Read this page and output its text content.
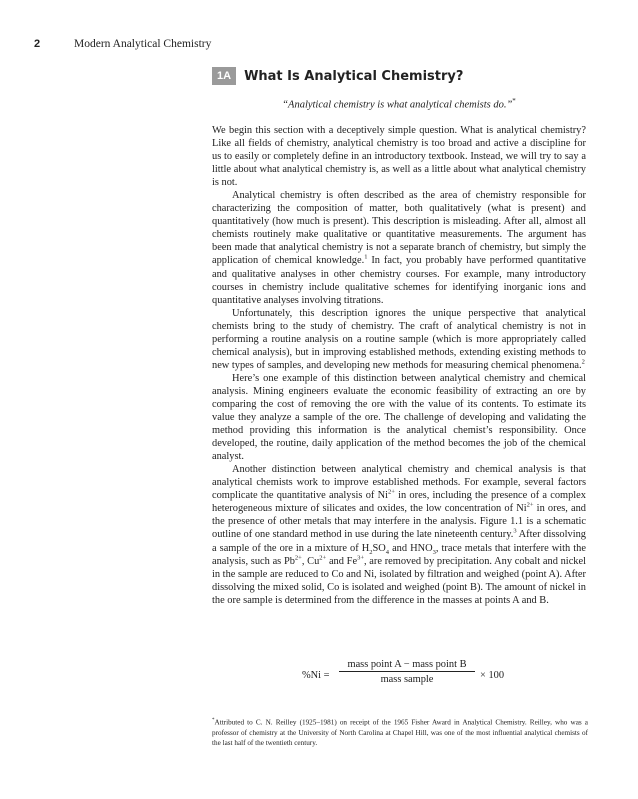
2	Modern Analytical Chemistry
1A	What Is Analytical Chemistry?
“Analytical chemistry is what analytical chemists do.”*

We begin this section with a deceptively simple question. What is analytical chemistry? Like all fields of chemistry, analytical chemistry is too broad and active a discipline for us to easily or completely define in an introductory textbook. Instead, we will try to say a little about what analytical chemistry is, as well as a little about what analytical chemistry is not.

Analytical chemistry is often described as the area of chemistry responsible for characterizing the composition of matter, both qualitatively (what is present) and quantitatively (how much is present). This description is misleading. After all, almost all chemists routinely make qualitative or quantitative measurements. The argument has been made that analytical chemistry is not a separate branch of chemistry, but simply the application of chemical knowledge.$^1$ In fact, you probably have performed quantitative and qualitative analyses in other chemistry courses. For example, many introductory courses in chemistry include qualitative schemes for identifying inorganic ions and quantitative analyses involving titrations.

Unfortunately, this description ignores the unique perspective that analytical chemists bring to the study of chemistry. The craft of analytical chemistry is not in performing a routine analysis on a routine sample (which is more appropriately called chemical analysis), but in improving established methods, extending existing methods to new types of samples, and developing new methods for measuring chemical phenomena.$^2$

Here’s one example of this distinction between analytical chemistry and chemical analysis. Mining engineers evaluate the economic feasibility of extracting an ore by comparing the cost of removing the ore with the value of its contents. To estimate its value they analyze a sample of the ore. The challenge of developing and validating the method providing this information is the analytical chemist’s responsibility. Once developed, the routine, daily application of the method becomes the job of the chemical analyst.

Another distinction between analytical chemistry and chemical analysis is that analytical chemists work to improve established methods. For example, several factors complicate the quantitative analysis of $Ni^{2+}$ in ores, including the presence of a complex heterogeneous mixture of silicates and oxides, the low concentration of $Ni^{2+}$ in ores, and the presence of other metals that may interfere in the analysis. Figure 1.1 is a schematic outline of one standard method in use during the late nineteenth century.$^3$ After dissolving a sample of the ore in a mixture of $H_2SO_4$ and $HNO_3$, trace metals that interfere with the analysis, such as $Pb^{2+}$, $Cu^{2+}$ and $Fe^{3+}$, are removed by precipitation. Any cobalt and nickel in the sample are reduced to Co and Ni, isolated by filtration and weighed (point A). After dissolving the mixed solid, Co is isolated and weighed (point B). The amount of nickel in the ore sample is determined from the difference in the masses at points A and B.

%Ni =
mass point A − mass point B
mass sample	× 100
*Attributed to C. N. Reilley (1925–1981) on receipt of the 1965 Fisher Award in Analytical Chemistry. Reilley, who was a professor of chemistry at the University of North Carolina at Chapel Hill, was one of the most influential analytical chemists of the last half of the twentieth century.
